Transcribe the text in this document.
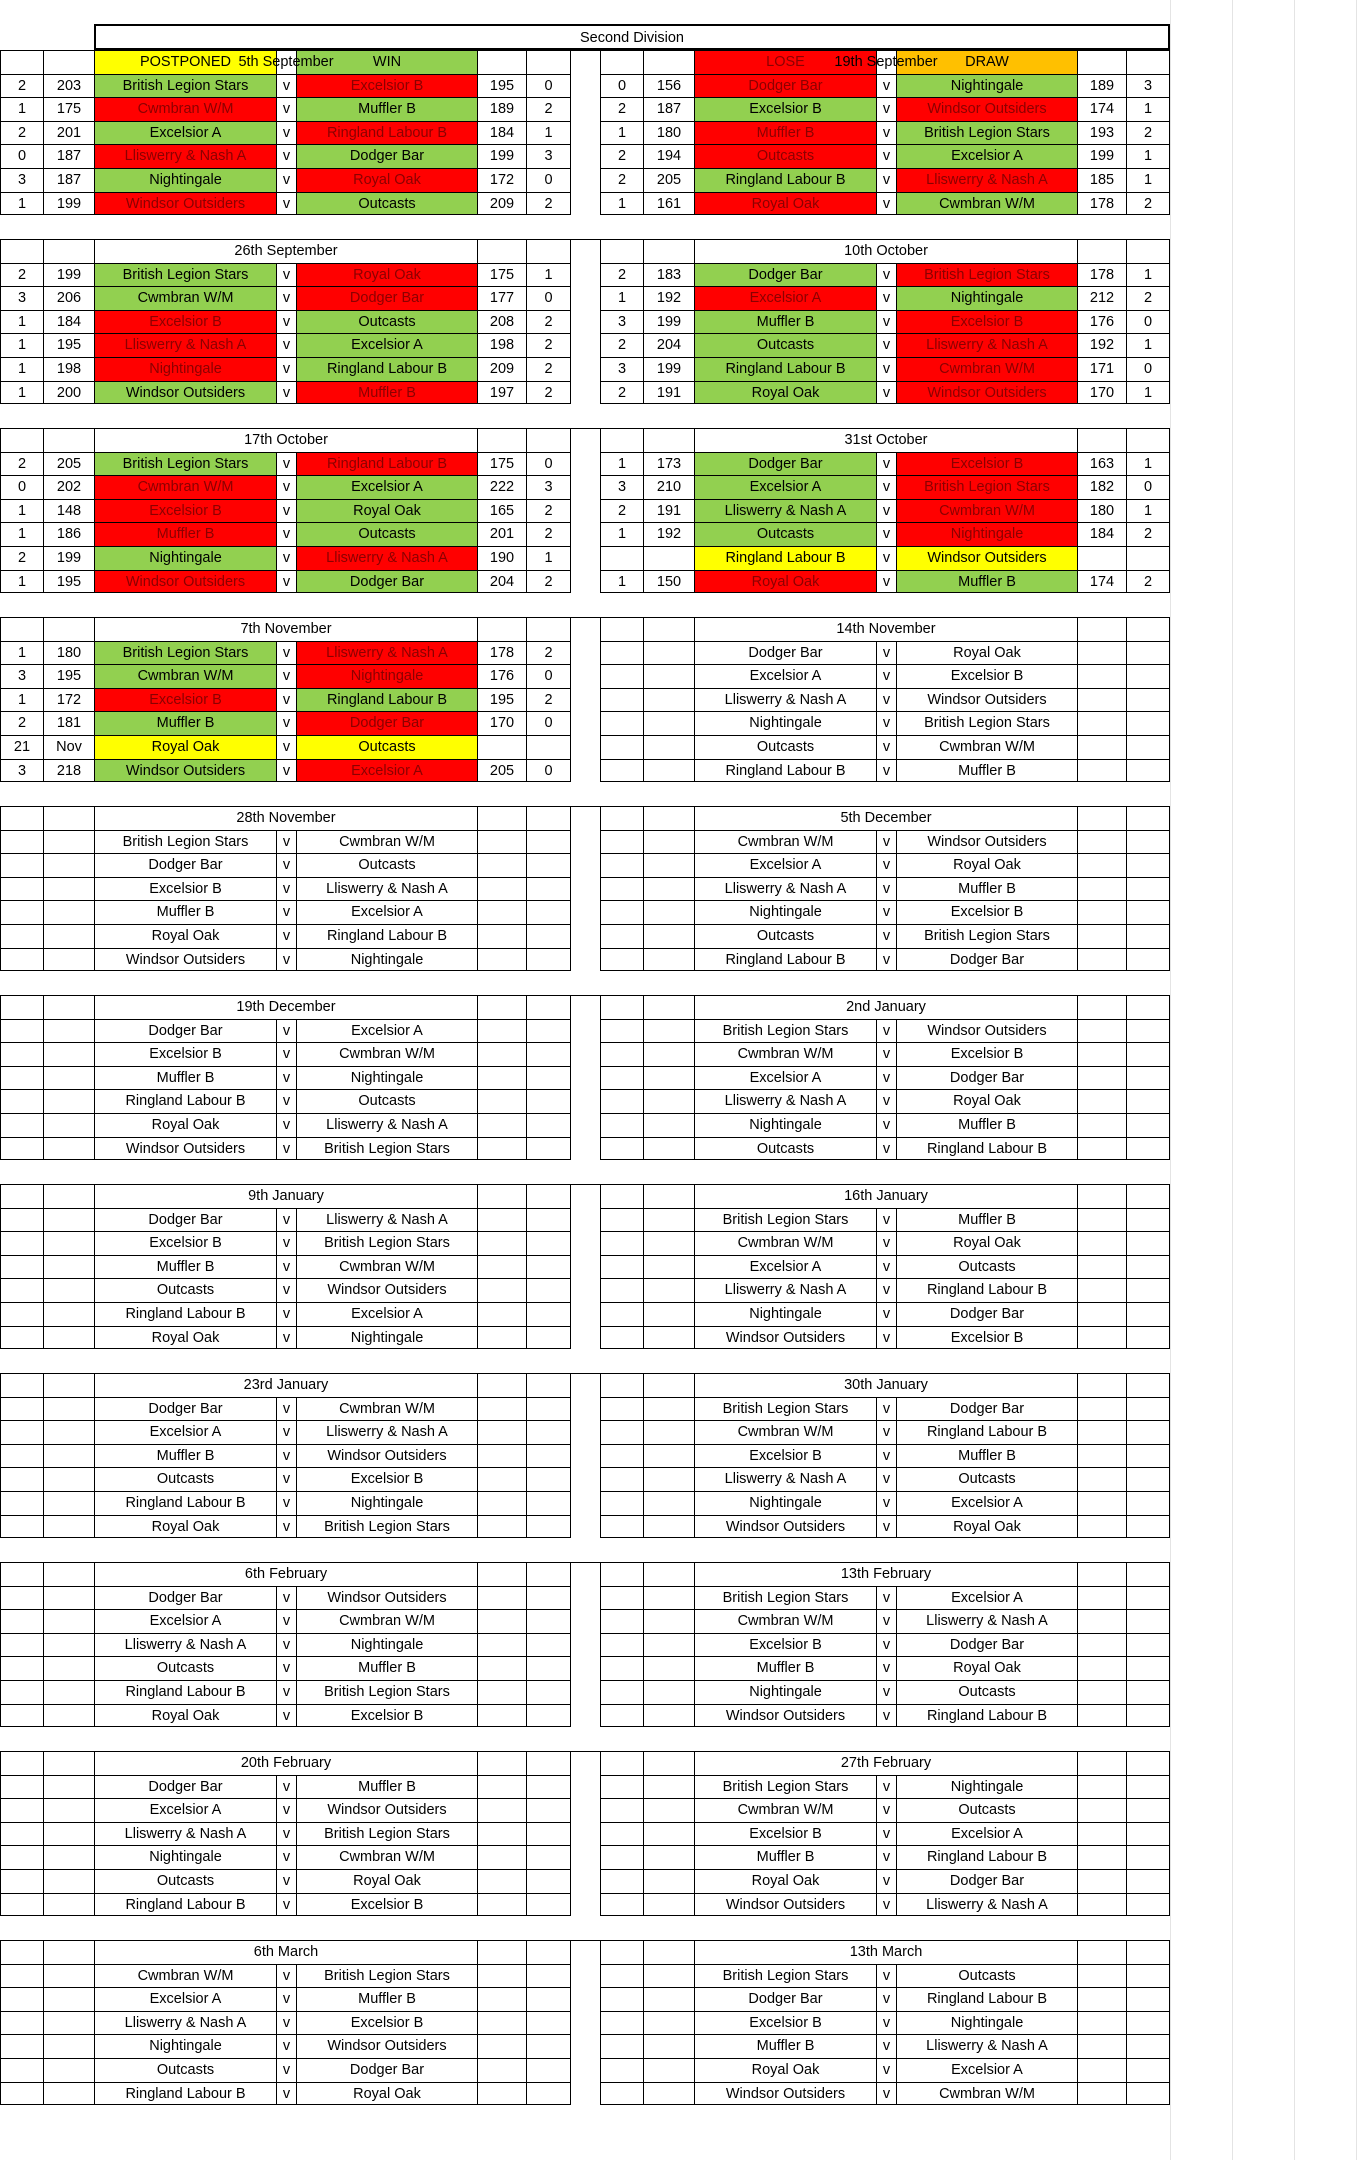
Second Division
POSTPONED	WIN	LOSE	DRAW
5th September
2	203	British Legion Stars	v	Excelsior B	195	0
1	175	Cwmbran W/M	v	Muffler B	189	2
2	201	Excelsior A	v	Ringland Labour B	184	1
0	187	Lliswerry & Nash A	v	Dodger Bar	199	3
3	187	Nightingale	v	Royal Oak	172	0
1	199	Windsor Outsiders	v	Outcasts	209	2
19th September
0	156	Dodger Bar	v	Nightingale	189	3
2	187	Excelsior B	v	Windsor Outsiders	174	1
1	180	Muffler B	v	British Legion Stars	193	2
2	194	Outcasts	v	Excelsior A	199	1
2	205	Ringland Labour B	v	Lliswerry & Nash A	185	1
1	161	Royal Oak	v	Cwmbran W/M	178	2
26th September
2	199	British Legion Stars	v	Royal Oak	175	1
3	206	Cwmbran W/M	v	Dodger Bar	177	0
1	184	Excelsior B	v	Outcasts	208	2
1	195	Lliswerry & Nash A	v	Excelsior A	198	2
1	198	Nightingale	v	Ringland Labour B	209	2
1	200	Windsor Outsiders	v	Muffler B	197	2
10th October
2	183	Dodger Bar	v	British Legion Stars	178	1
1	192	Excelsior A	v	Nightingale	212	2
3	199	Muffler B	v	Excelsior B	176	0
2	204	Outcasts	v	Lliswerry & Nash A	192	1
3	199	Ringland Labour B	v	Cwmbran W/M	171	0
2	191	Royal Oak	v	Windsor Outsiders	170	1
17th October
2	205	British Legion Stars	v	Ringland Labour B	175	0
0	202	Cwmbran W/M	v	Excelsior A	222	3
1	148	Excelsior B	v	Royal Oak	165	2
1	186	Muffler B	v	Outcasts	201	2
2	199	Nightingale	v	Lliswerry & Nash A	190	1
1	195	Windsor Outsiders	v	Dodger Bar	204	2
31st October
1	173	Dodger Bar	v	Excelsior B	163	1
3	210	Excelsior A	v	British Legion Stars	182	0
2	191	Lliswerry & Nash A	v	Cwmbran W/M	180	1
1	192	Outcasts	v	Nightingale	184	2
Ringland Labour B	v	Windsor Outsiders
1	150	Royal Oak	v	Muffler B	174	2
7th November
1	180	British Legion Stars	v	Lliswerry & Nash A	178	2
3	195	Cwmbran W/M	v	Nightingale	176	0
1	172	Excelsior B	v	Ringland Labour B	195	2
2	181	Muffler B	v	Dodger Bar	170	0
21	Nov	Royal Oak	v	Outcasts
3	218	Windsor Outsiders	v	Excelsior A	205	0
14th November
Dodger Bar	v	Royal Oak
Excelsior A	v	Excelsior B
Lliswerry & Nash A	v	Windsor Outsiders
Nightingale	v	British Legion Stars
Outcasts	v	Cwmbran W/M
Ringland Labour B	v	Muffler B
28th November
British Legion Stars	v	Cwmbran W/M
Dodger Bar	v	Outcasts
Excelsior B	v	Lliswerry & Nash A
Muffler B	v	Excelsior A
Royal Oak	v	Ringland Labour B
Windsor Outsiders	v	Nightingale
5th December
Cwmbran W/M	v	Windsor Outsiders
Excelsior A	v	Royal Oak
Lliswerry & Nash A	v	Muffler B
Nightingale	v	Excelsior B
Outcasts	v	British Legion Stars
Ringland Labour B	v	Dodger Bar
19th December
Dodger Bar	v	Excelsior A
Excelsior B	v	Cwmbran W/M
Muffler B	v	Nightingale
Ringland Labour B	v	Outcasts
Royal Oak	v	Lliswerry & Nash A
Windsor Outsiders	v	British Legion Stars
2nd January
British Legion Stars	v	Windsor Outsiders
Cwmbran W/M	v	Excelsior B
Excelsior A	v	Dodger Bar
Lliswerry & Nash A	v	Royal Oak
Nightingale	v	Muffler B
Outcasts	v	Ringland Labour B
9th January
Dodger Bar	v	Lliswerry & Nash A
Excelsior B	v	British Legion Stars
Muffler B	v	Cwmbran W/M
Outcasts	v	Windsor Outsiders
Ringland Labour B	v	Excelsior A
Royal Oak	v	Nightingale
16th January
British Legion Stars	v	Muffler B
Cwmbran W/M	v	Royal Oak
Excelsior A	v	Outcasts
Lliswerry & Nash A	v	Ringland Labour B
Nightingale	v	Dodger Bar
Windsor Outsiders	v	Excelsior B
23rd January
Dodger Bar	v	Cwmbran W/M
Excelsior A	v	Lliswerry & Nash A
Muffler B	v	Windsor Outsiders
Outcasts	v	Excelsior B
Ringland Labour B	v	Nightingale
Royal Oak	v	British Legion Stars
30th January
British Legion Stars	v	Dodger Bar
Cwmbran W/M	v	Ringland Labour B
Excelsior B	v	Muffler B
Lliswerry & Nash A	v	Outcasts
Nightingale	v	Excelsior A
Windsor Outsiders	v	Royal Oak
6th February
Dodger Bar	v	Windsor Outsiders
Excelsior A	v	Cwmbran W/M
Lliswerry & Nash A	v	Nightingale
Outcasts	v	Muffler B
Ringland Labour B	v	British Legion Stars
Royal Oak	v	Excelsior B
13th February
British Legion Stars	v	Excelsior A
Cwmbran W/M	v	Lliswerry & Nash A
Excelsior B	v	Dodger Bar
Muffler B	v	Royal Oak
Nightingale	v	Outcasts
Windsor Outsiders	v	Ringland Labour B
20th February
Dodger Bar	v	Muffler B
Excelsior A	v	Windsor Outsiders
Lliswerry & Nash A	v	British Legion Stars
Nightingale	v	Cwmbran W/M
Outcasts	v	Royal Oak
Ringland Labour B	v	Excelsior B
27th February
British Legion Stars	v	Nightingale
Cwmbran W/M	v	Outcasts
Excelsior B	v	Excelsior A
Muffler B	v	Ringland Labour B
Royal Oak	v	Dodger Bar
Windsor Outsiders	v	Lliswerry & Nash A
6th March
Cwmbran W/M	v	British Legion Stars
Excelsior A	v	Muffler B
Lliswerry & Nash A	v	Excelsior B
Nightingale	v	Windsor Outsiders
Outcasts	v	Dodger Bar
Ringland Labour B	v	Royal Oak
13th March
British Legion Stars	v	Outcasts
Dodger Bar	v	Ringland Labour B
Excelsior B	v	Nightingale
Muffler B	v	Lliswerry & Nash A
Royal Oak	v	Excelsior A
Windsor Outsiders	v	Cwmbran W/M
